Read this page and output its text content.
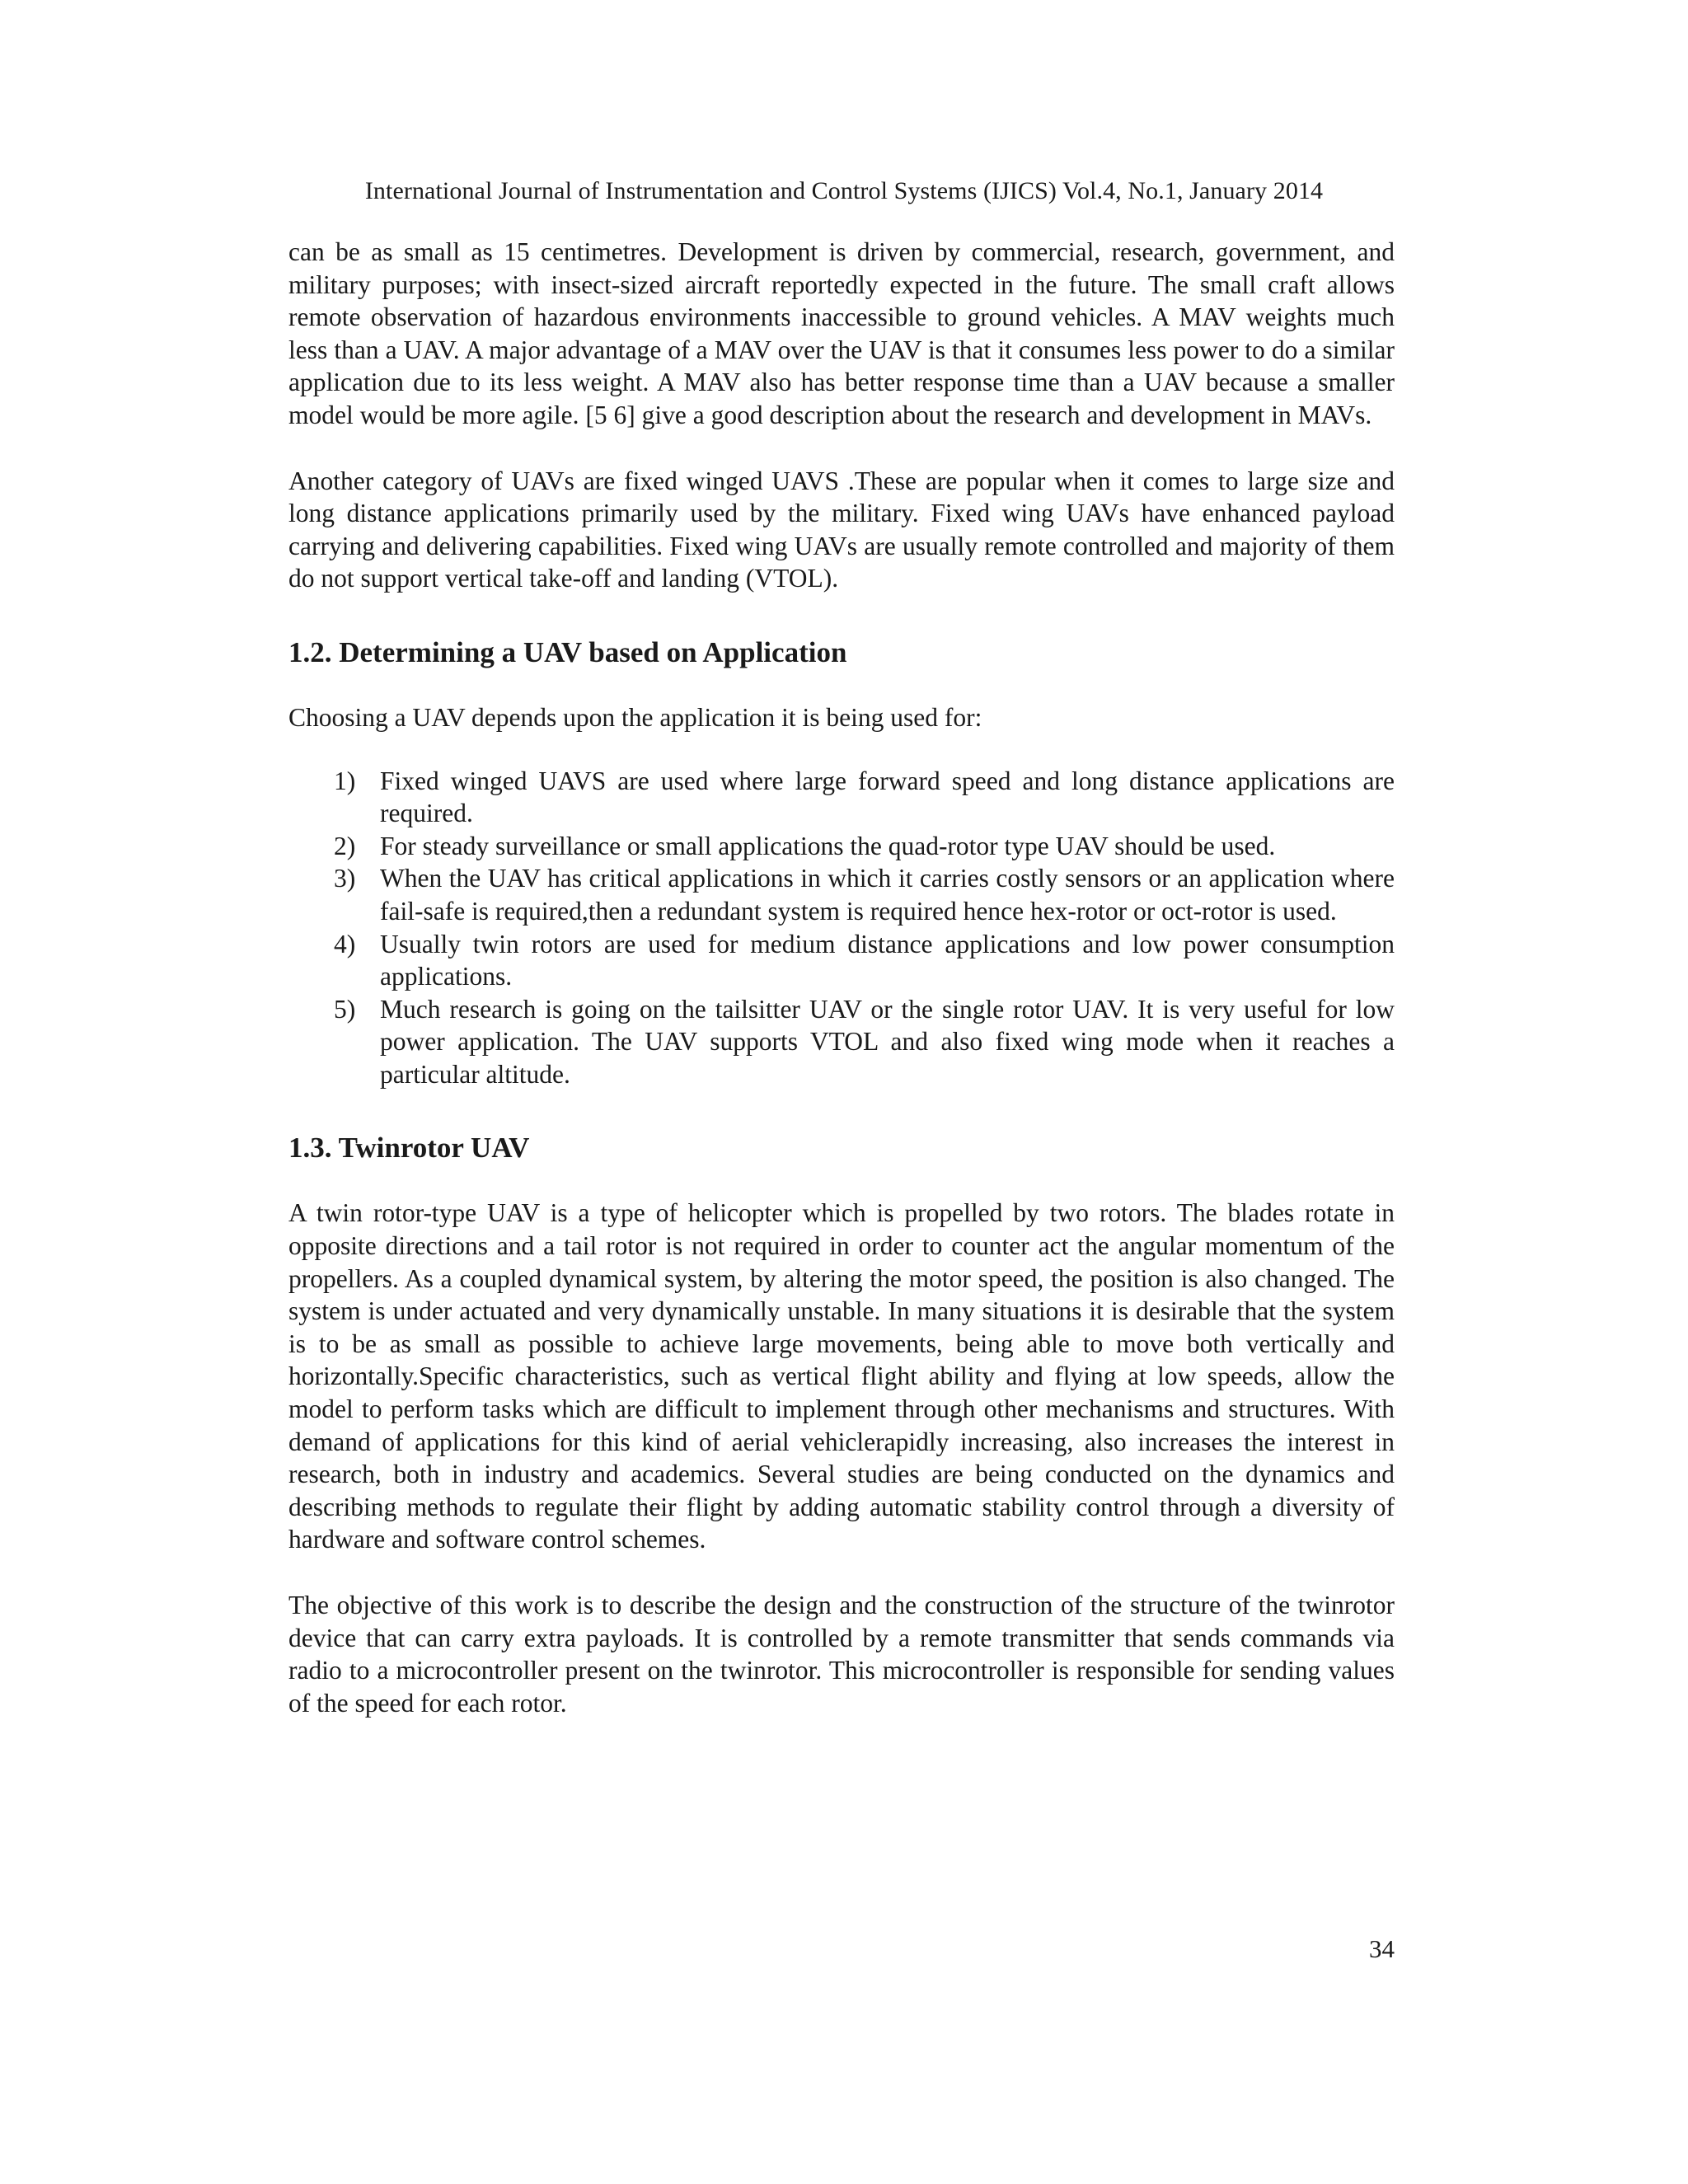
International Journal of Instrumentation and Control Systems (IJICS) Vol.4, No.1, January 2014

can be as small as 15 centimetres. Development is driven by commercial, research, government, and military purposes; with insect-sized aircraft reportedly expected in the future. The small craft allows remote observation of hazardous environments inaccessible to ground vehicles. A MAV weights much less than a UAV. A major advantage of a MAV over the UAV is that it consumes less power to do a similar application due to its less weight. A MAV also has better response time than a UAV because a smaller model would be more agile. [5 6] give a good description about the research and development in MAVs.

Another category of UAVs are fixed winged UAVS .These are popular when it comes to large size and long distance applications primarily used by the military. Fixed wing UAVs have enhanced payload carrying and delivering capabilities. Fixed wing UAVs are usually remote controlled and majority of them do not support vertical take-off and landing (VTOL).

1.2. Determining a UAV based on Application

Choosing a UAV depends upon the application it is being used for:

1) Fixed winged UAVS are used where large forward speed and long distance applications are required.
2) For steady surveillance or small applications the quad-rotor type UAV should be used.
3) When the UAV has critical applications in which it carries costly sensors or an application where fail-safe is required,then a redundant system is required hence hex-rotor or oct-rotor is used.
4) Usually twin rotors are used for medium distance applications and low power consumption applications.
5) Much research is going on the tailsitter UAV or the single rotor UAV. It is very useful for low power application. The UAV supports VTOL and also fixed wing mode when it reaches a particular altitude.
1.3. Twinrotor UAV

A twin rotor-type UAV is a type of helicopter which is propelled by two rotors. The blades rotate in opposite directions and a tail rotor is not required in order to counter act the angular momentum of the propellers. As a coupled dynamical system, by altering the motor speed, the position is also changed. The system is under actuated and very dynamically unstable. In many situations it is desirable that the system is to be as small as possible to achieve large movements, being able to move both vertically and horizontally.Specific characteristics, such as vertical flight ability and flying at low speeds, allow the model to perform tasks which are difficult to implement through other mechanisms and structures. With demand of applications for this kind of aerial vehiclerapidly increasing, also increases the interest in research, both in industry and academics. Several studies are being conducted on the dynamics and describing methods to regulate their flight by adding automatic stability control through a diversity of hardware and software control schemes.

The objective of this work is to describe the design and the construction of the structure of the twinrotor device that can carry extra payloads. It is controlled by a remote transmitter that sends commands via radio to a microcontroller present on the twinrotor. This microcontroller is responsible for sending values of the speed for each rotor.

34
